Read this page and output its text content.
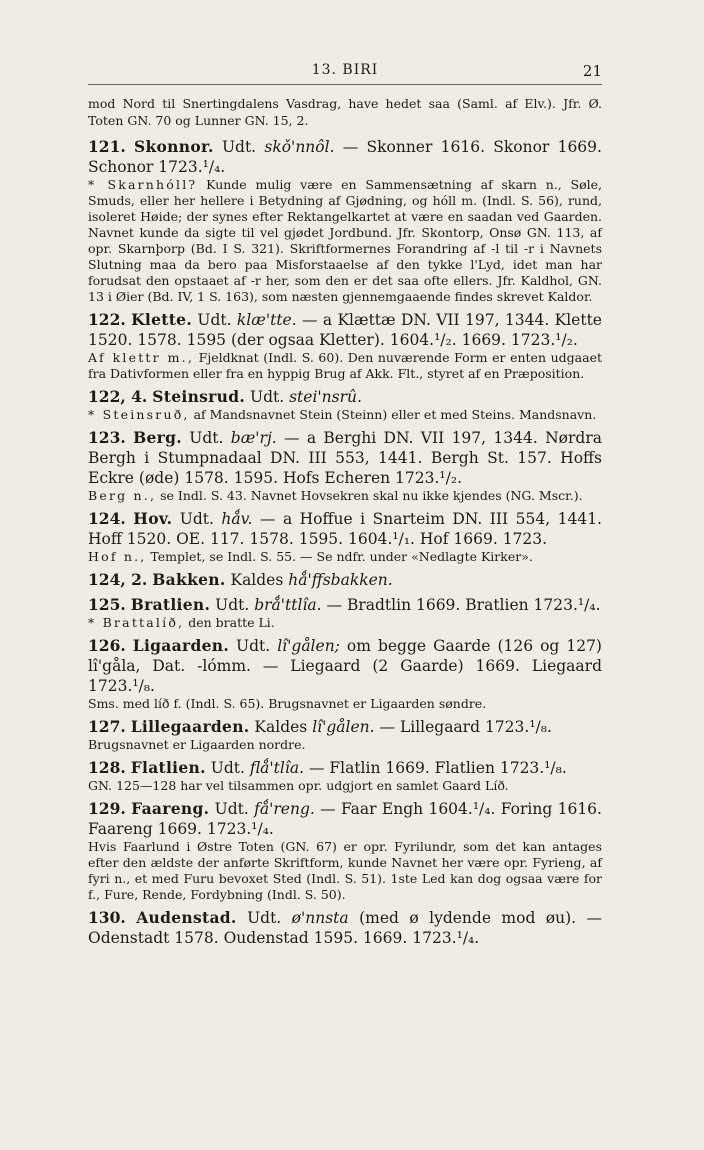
13. BIRI	21

mod Nord til Snertingdalens Vasdrag, have hedet saa (Saml. af Elv.). Jfr. Ø. Toten GN. 70 og Lunner GN. 15, 2.

121. Skonnor. Udt. skǒ'nnôl. — Skonner 1616. Skonor 1669. Schonor 1723.¹/₄.

* Skarnhóll? Kunde mulig være en Sammensætning af skarn n., Søle, Smuds, eller her hellere i Betydning af Gjødning, og hóll m. (Indl. S. 56), rund, isoleret Høide; der synes efter Rektangelkartet at være en saadan ved Gaarden. Navnet kunde da sigte til vel gjødet Jordbund. Jfr. Skontorp, Onsø GN. 113, af opr. Skarnþorp (Bd. I S. 321). Skriftformernes Forandring af -l til -r i Navnets Slutning maa da bero paa Misforstaaelse af den tykke l'Lyd, idet man har forudsat den opstaaet af -r her, som den er det saa ofte ellers. Jfr. Kaldhol, GN. 13 i Øier (Bd. IV, 1 S. 163), som næsten gjennemgaaende findes skrevet Kaldor.

122. Klette. Udt. klæ'tte. — a Klættæ DN. VII 197, 1344. Klette 1520. 1578. 1595 (der ogsaa Kletter). 1604.¹/₂. 1669. 1723.¹/₂.

Af klettr m., Fjeldknat (Indl. S. 60). Den nuværende Form er enten udgaaet fra Dativformen eller fra en hyppig Brug af Akk. Flt., styret af en Præposition.

122, 4. Steinsrud. Udt. stei'nsrû.

* Steinsruð, af Mandsnavnet Stein (Steinn) eller et med Steins. Mandsnavn.

123. Berg. Udt. bæ'rj. — a Berghi DN. VII 197, 1344. Nørdra Bergh i Stumpnadaal DN. III 553, 1441. Bergh St. 157. Hoffs Eckre (øde) 1578. 1595. Hofs Echeren 1723.¹/₂.

Berg n., se Indl. S. 43. Navnet Hovsekren skal nu ikke kjendes (NG. Mscr.).

124. Hov. Udt. hǻv. — a Hoffue i Snarteim DN. III 554, 1441. Hoff 1520. OE. 117. 1578. 1595. 1604.¹/₁. Hof 1669. 1723.

Hof n., Templet, se Indl. S. 55. — Se ndfr. under «Nedlagte Kirker».

124, 2. Bakken. Kaldes hǻ'ffsbakken.

125. Bratlien. Udt. brǻ'ttlîa. — Bradtlin 1669. Bratlien 1723.¹/₄.

* Brattalíð, den bratte Li.

126. Ligaarden. Udt. lî'gålen; om begge Gaarde (126 og 127) lî'gåla, Dat. -lómm. — Liegaard (2 Gaarde) 1669. Liegaard 1723.¹/₈.

Sms. med líð f. (Indl. S. 65). Brugsnavnet er Ligaarden søndre.

127. Lillegaarden. Kaldes lî'gålen. — Lillegaard 1723.¹/₈.

Brugsnavnet er Ligaarden nordre.

128. Flatlien. Udt. flǻ'tlîa. — Flatlin 1669. Flatlien 1723.¹/₈.

GN. 125—128 har vel tilsammen opr. udgjort en samlet Gaard Líð.

129. Faareng. Udt. fǻ'reng. — Faar Engh 1604.¹/₄. Foring 1616. Faareng 1669. 1723.¹/₄.

Hvis Faarlund i Østre Toten (GN. 67) er opr. Fyrilundr, som det kan antages efter den ældste der anførte Skriftform, kunde Navnet her være opr. Fyrieng, af fyri n., et med Furu bevoxet Sted (Indl. S. 51). 1ste Led kan dog ogsaa være for f., Fure, Rende, Fordybning (Indl. S. 50).

130. Audenstad. Udt. ø'nnsta (med ø lydende mod øu). — Odenstadt 1578. Oudenstad 1595. 1669. 1723.¹/₄.
